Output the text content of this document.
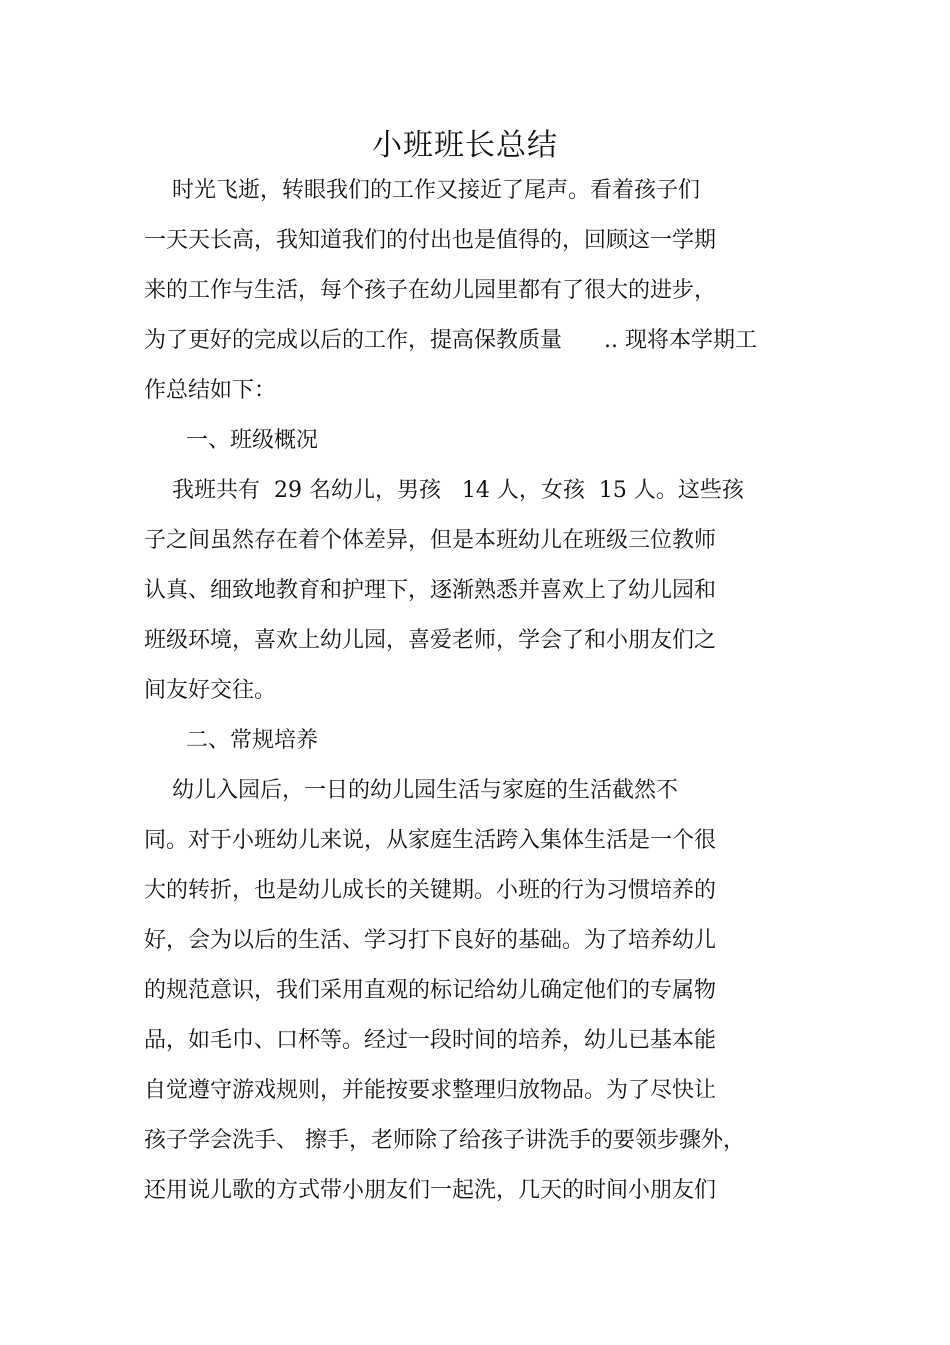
小班班长总结
时光飞逝，转眼我们的工作又接近了尾声。看着孩子们
一天天长高，我知道我们的付出也是值得的，回顾这一学期
来的工作与生活，每个孩子在幼儿园里都有了很大的进步，
为了更好的完成以后的工作，提高保教质量      .. 现将本学期工
作总结如下：
一、班级概况
我班共有  29 名幼儿，男孩   14 人，女孩  15 人。这些孩
子之间虽然存在着个体差异，但是本班幼儿在班级三位教师
认真、细致地教育和护理下，逐渐熟悉并喜欢上了幼儿园和
班级环境，喜欢上幼儿园，喜爱老师，学会了和小朋友们之
间友好交往。
二、常规培养
幼儿入园后，一日的幼儿园生活与家庭的生活截然不
同。对于小班幼儿来说，从家庭生活跨入集体生活是一个很
大的转折，也是幼儿成长的关键期。小班的行为习惯培养的
好，会为以后的生活、学习打下良好的基础。为了培养幼儿
的规范意识，我们采用直观的标记给幼儿确定他们的专属物
品，如毛巾、口杯等。经过一段时间的培养，幼儿已基本能
自觉遵守游戏规则，并能按要求整理归放物品。为了尽快让
孩子学会洗手、 擦手，老师除了给孩子讲洗手的要领步骤外，
还用说儿歌的方式带小朋友们一起洗，几天的时间小朋友们
